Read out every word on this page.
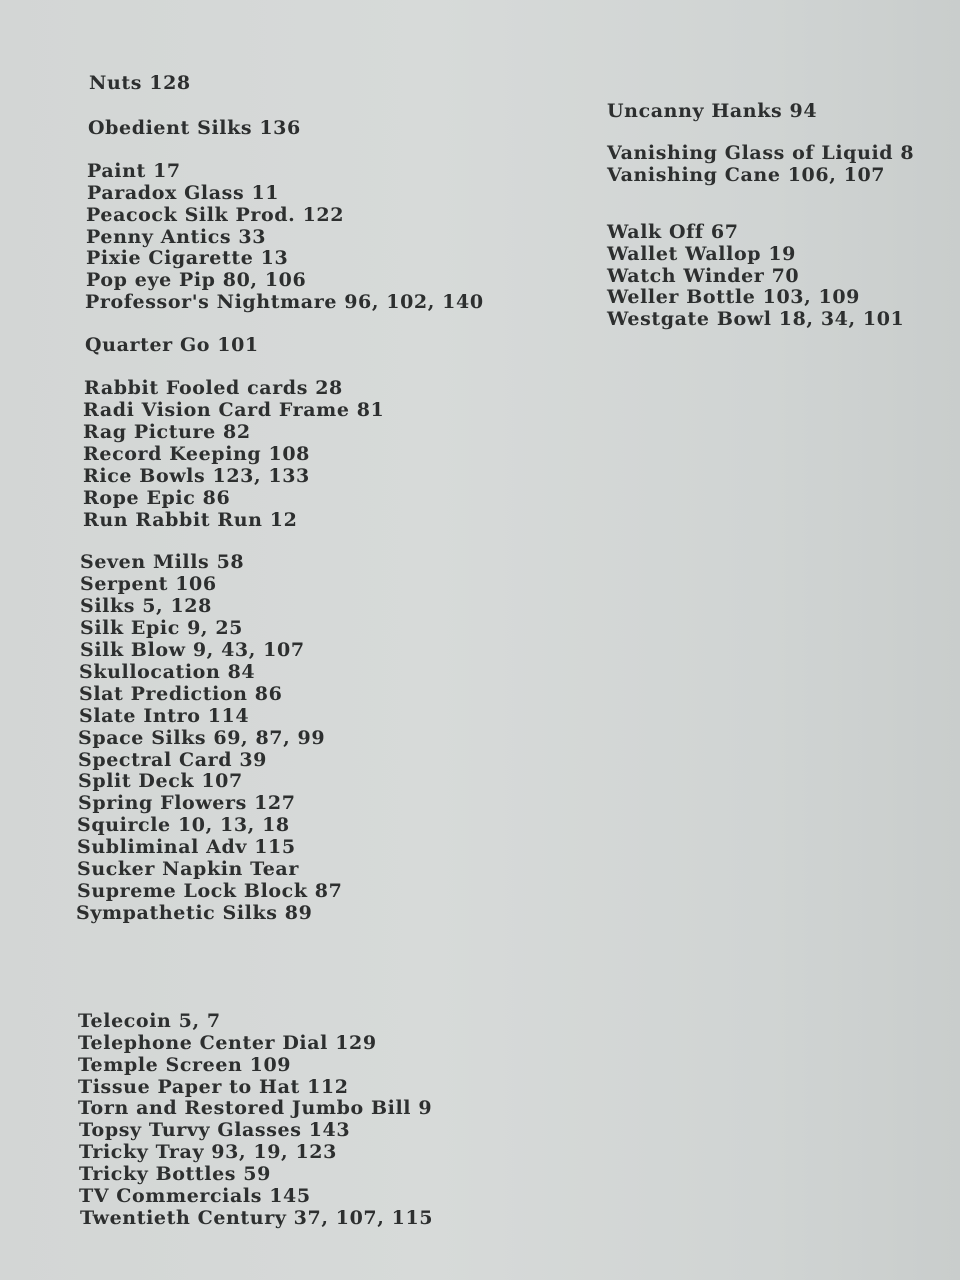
Nuts 128
Obedient Silks 136
Paint 17
Paradox Glass 11
Peacock Silk Prod. 122
Penny Antics 33
Pixie Cigarette 13
Pop eye Pip 80, 106
Professor's Nightmare 96, 102, 140
Quarter Go 101
Rabbit Fooled cards 28
Radi Vision Card Frame 81
Rag Picture 82
Record Keeping 108
Rice Bowls 123, 133
Rope Epic 86
Run Rabbit Run 12
Seven Mills 58
Serpent 106
Silks 5, 128
Silk Epic 9, 25
Silk Blow 9, 43, 107
Skullocation 84
Slat Prediction 86
Slate Intro 114
Space Silks 69, 87, 99
Spectral Card 39
Split Deck 107
Spring Flowers 127
Squircle 10, 13, 18
Subliminal Adv 115
Sucker Napkin Tear
Supreme Lock Block 87
Sympathetic Silks 89
Telecoin 5, 7
Telephone Center Dial 129
Temple Screen 109
Tissue Paper to Hat 112
Torn and Restored Jumbo Bill 9
Topsy Turvy Glasses 143
Tricky Tray 93, 19, 123
Tricky Bottles 59
TV Commercials 145
Twentieth Century 37, 107, 115
Uncanny Hanks 94
Vanishing Glass of Liquid 8
Vanishing Cane 106, 107
Walk Off 67
Wallet Wallop 19
Watch Winder 70
Weller Bottle 103, 109
Westgate Bowl 18, 34, 101
